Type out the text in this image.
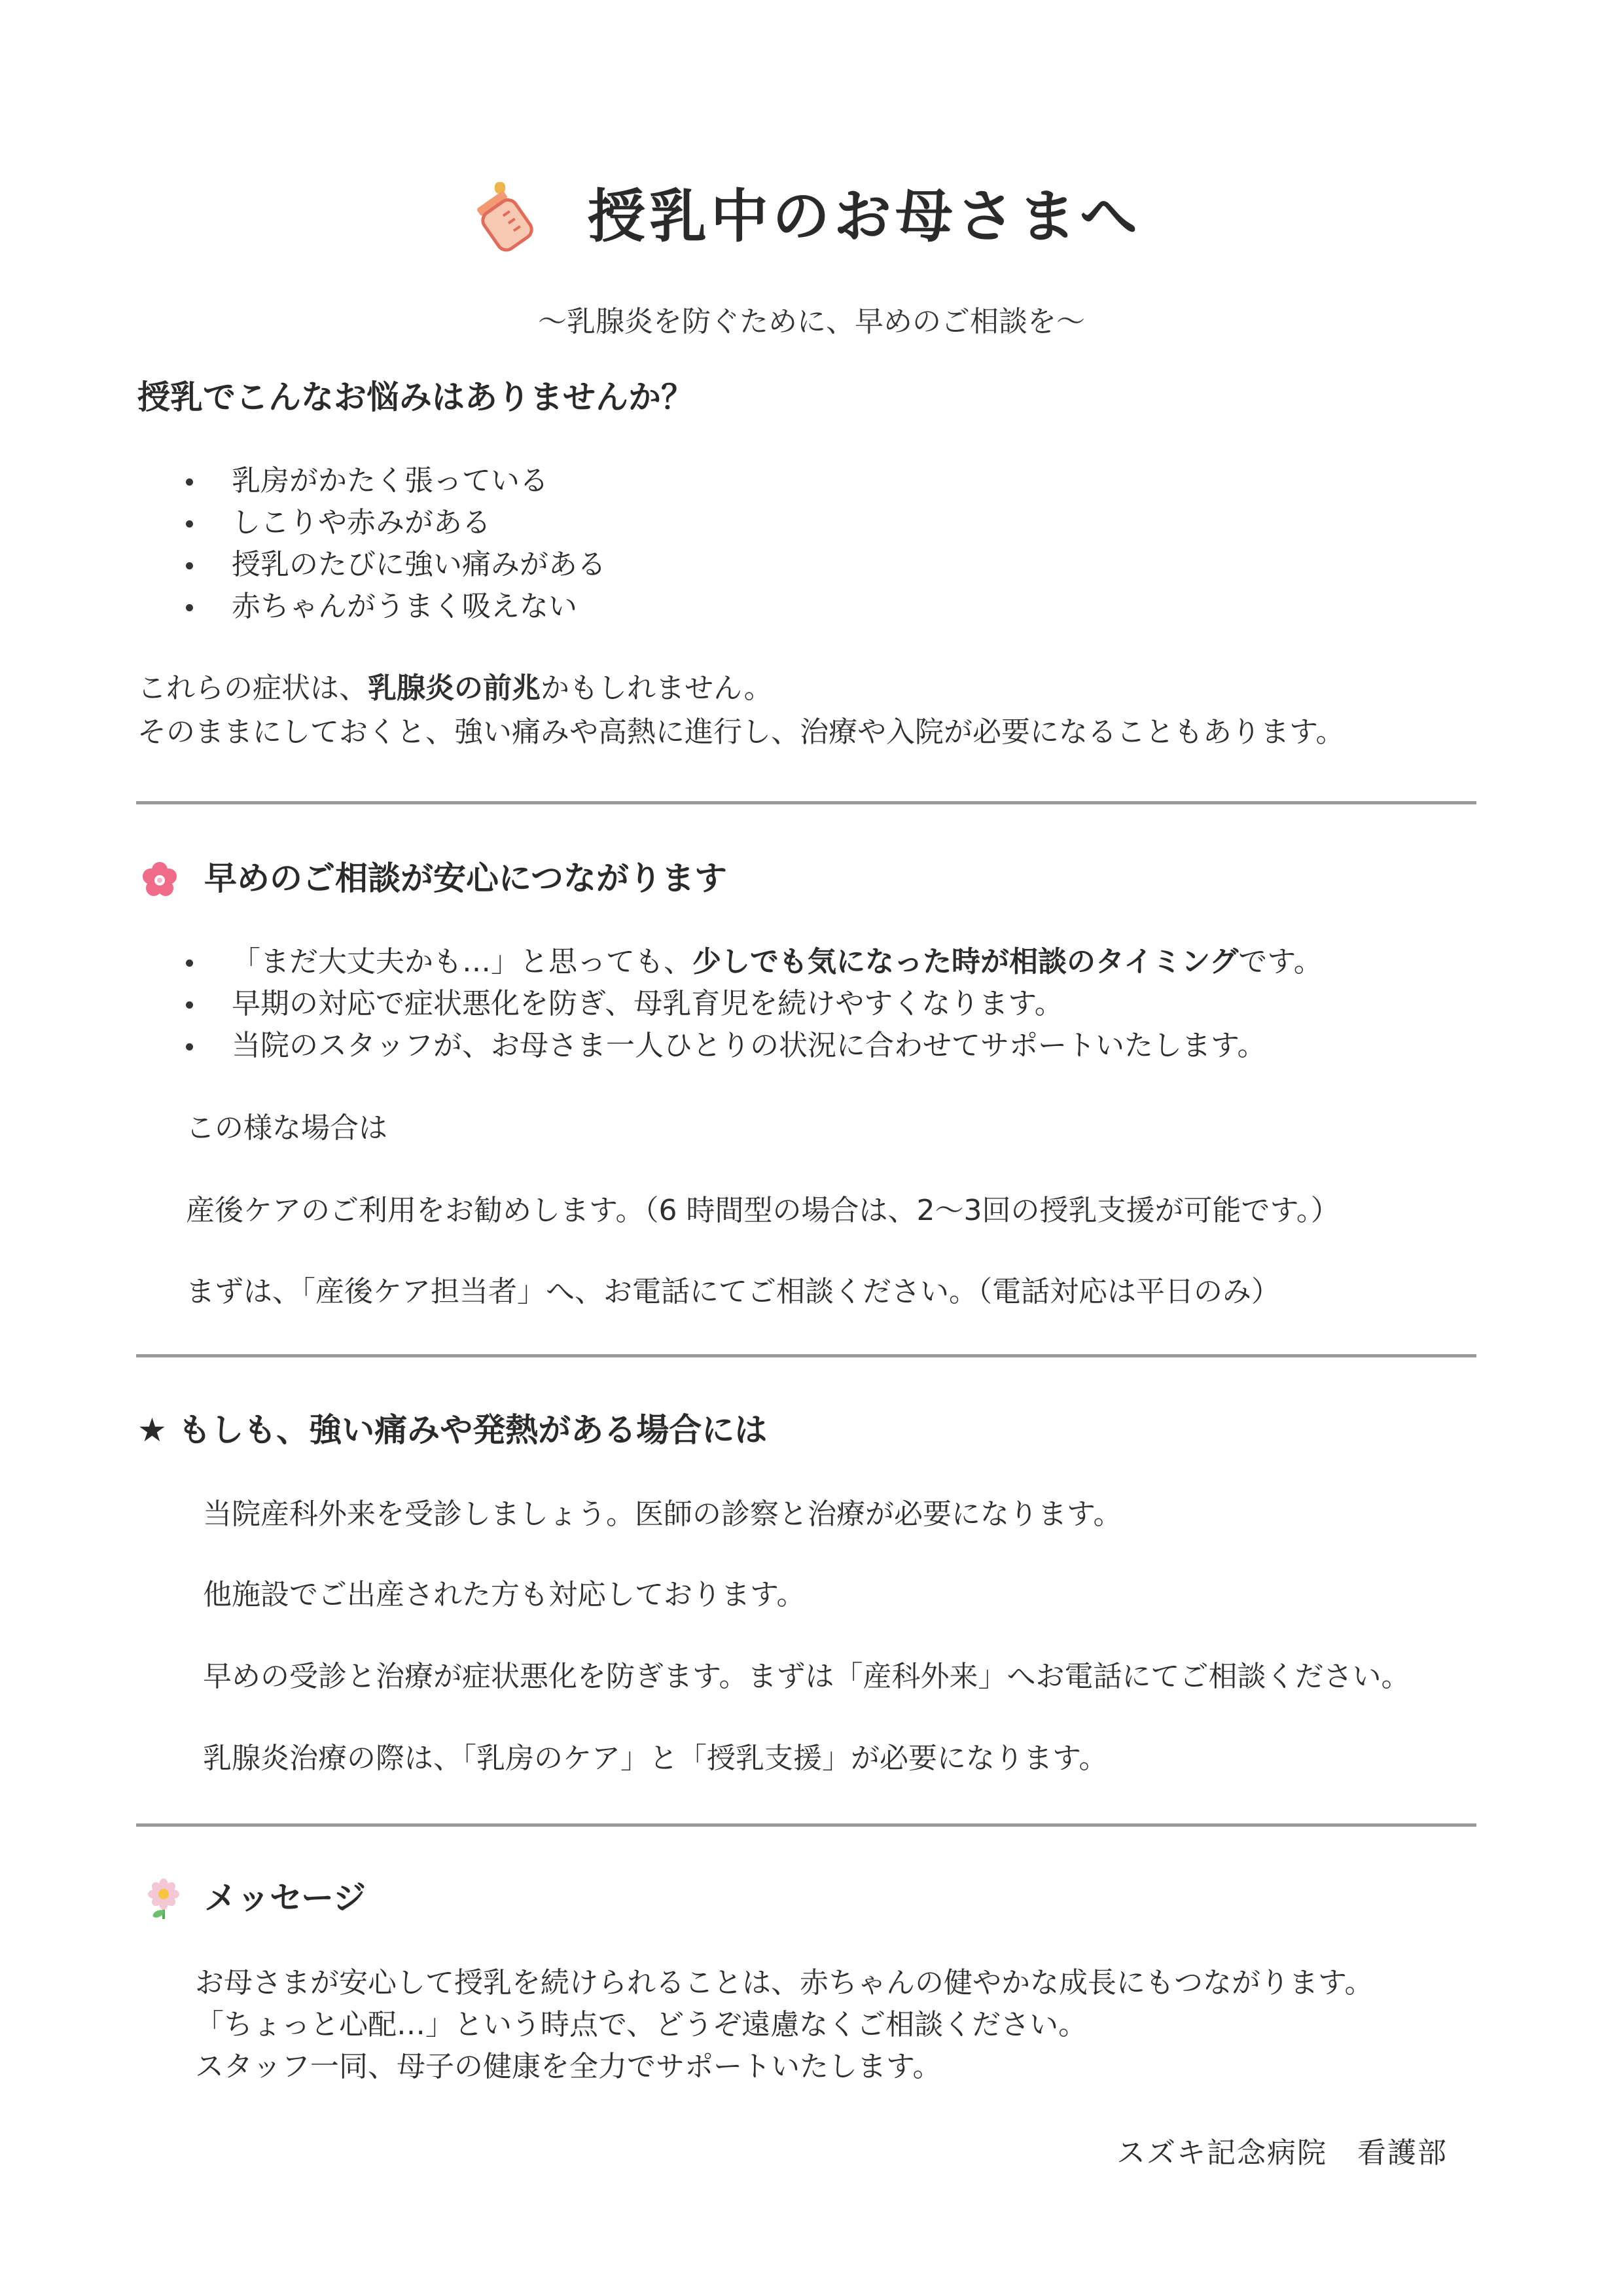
授乳中のお母さまへ
～乳腺炎を防ぐために、早めのご相談を～
授乳でこんなお悩みはありませんか？
乳房がかたく張っている
しこりや赤みがある
授乳のたびに強い痛みがある
赤ちゃんがうまく吸えない
これらの症状は、乳腺炎の前兆かもしれません。
そのままにしておくと、強い痛みや高熱に進行し、治療や入院が必要になることもあります。
早めのご相談が安心につながります
「まだ大丈夫かも…」と思っても、少しでも気になった時が相談のタイミングです。
早期の対応で症状悪化を防ぎ、母乳育児を続けやすくなります。
当院のスタッフが、お母さま一人ひとりの状況に合わせてサポートいたします。
この様な場合は
産後ケアのご利用をお勧めします。（6 時間型の場合は、2～3回の授乳支援が可能です。）
まずは、「産後ケア担当者」へ、お電話にてご相談ください。（電話対応は平日のみ）
★ もしも、強い痛みや発熱がある場合には
当院産科外来を受診しましょう。医師の診察と治療が必要になります。
他施設でご出産された方も対応しております。
早めの受診と治療が症状悪化を防ぎます。まずは「産科外来」へお電話にてご相談ください。
乳腺炎治療の際は、「乳房のケア」と「授乳支援」が必要になります。
メッセージ
お母さまが安心して授乳を続けられることは、赤ちゃんの健やかな成長にもつながります。
「ちょっと心配…」という時点で、どうぞ遠慮なくご相談ください。
スタッフ一同、母子の健康を全力でサポートいたします。
スズキ記念病院　看護部
